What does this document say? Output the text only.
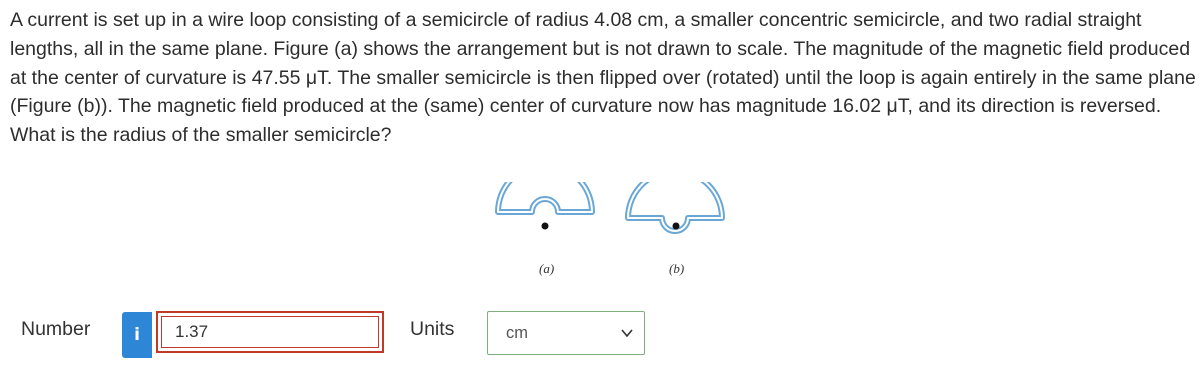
A current is set up in a wire loop consisting of a semicircle of radius 4.08 cm, a smaller concentric semicircle, and two radial straight lengths, all in the same plane. Figure (a) shows the arrangement but is not drawn to scale. The magnitude of the magnetic field produced at the center of curvature is 47.55 μT. The smaller semicircle is then flipped over (rotated) until the loop is again entirely in the same plane (Figure (b)). The magnetic field produced at the (same) center of curvature now has magnitude 16.02 μT, and its direction is reversed. What is the radius of the smaller semicircle?

(a)	(b)
Number	i
1.37	Units	cm
